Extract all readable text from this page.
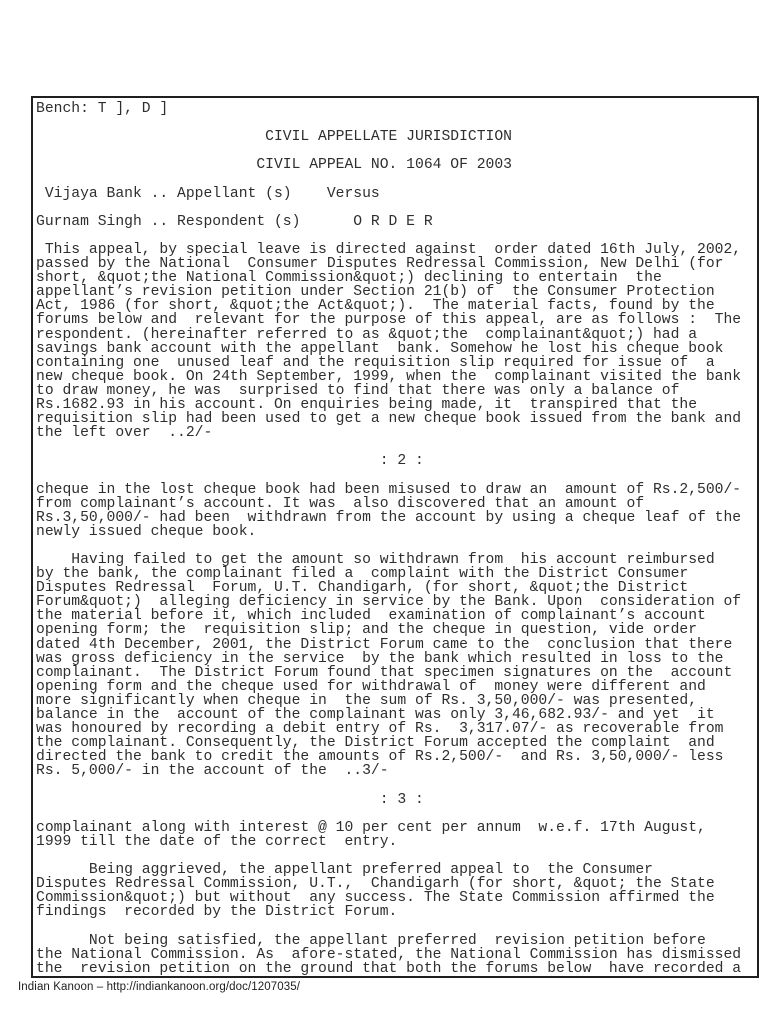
Bench: T ], D ]
CIVIL APPELLATE JURISDICTION
CIVIL APPEAL NO. 1064 OF 2003
Vijaya Bank .. Appellant (s)    Versus
Gurnam Singh .. Respondent (s)      O R D E R
This appeal, by special leave is directed against  order dated 16th July, 2002,
passed by the National  Consumer Disputes Redressal Commission, New Delhi (for
short, &quot;the National Commission&quot;) declining to entertain  the
appellant’s revision petition under Section 21(b) of  the Consumer Protection
Act, 1986 (for short, &quot;the Act&quot;).  The material facts, found by the
forums below and  relevant for the purpose of this appeal, are as follows :  The
respondent. (hereinafter referred to as &quot;the  complainant&quot;) had a
savings bank account with the appellant  bank. Somehow he lost his cheque book
containing one  unused leaf and the requisition slip required for issue of  a
new cheque book. On 24th September, 1999, when the  complainant visited the bank
to draw money, he was  surprised to find that there was only a balance of
Rs.1682.93 in his account. On enquiries being made, it  transpired that the
requisition slip had been used to get a new cheque book issued from the bank and
the left over  ..2/-
: 2 :
cheque in the lost cheque book had been misused to draw an  amount of Rs.2,500/-
from complainant’s account. It was  also discovered that an amount of
Rs.3,50,000/- had been  withdrawn from the account by using a cheque leaf of the
newly issued cheque book.
Having failed to get the amount so withdrawn from  his account reimbursed
by the bank, the complainant filed a  complaint with the District Consumer
Disputes Redressal  Forum, U.T. Chandigarh, (for short, &quot;the District
Forum&quot;)  alleging deficiency in service by the Bank. Upon  consideration of
the material before it, which included  examination of complainant’s account
opening form; the  requisition slip; and the cheque in question, vide order
dated 4th December, 2001, the District Forum came to the  conclusion that there
was gross deficiency in the service  by the bank which resulted in loss to the
complainant.  The District Forum found that specimen signatures on the  account
opening form and the cheque used for withdrawal of  money were different and
more significantly when cheque in  the sum of Rs. 3,50,000/- was presented,
balance in the  account of the complainant was only 3,46,682.93/- and yet  it
was honoured by recording a debit entry of Rs.  3,317.07/- as recoverable from
the complainant. Consequently, the District Forum accepted the complaint  and
directed the bank to credit the amounts of Rs.2,500/-  and Rs. 3,50,000/- less
Rs. 5,000/- in the account of the  ..3/-
: 3 :
complainant along with interest @ 10 per cent per annum  w.e.f. 17th August,
1999 till the date of the correct  entry.
Being aggrieved, the appellant preferred appeal to  the Consumer
Disputes Redressal Commission, U.T.,  Chandigarh (for short, &quot; the State
Commission&quot;) but without  any success. The State Commission affirmed the
findings  recorded by the District Forum.
Not being satisfied, the appellant preferred  revision petition before
the National Commission. As  afore-stated, the National Commission has dismissed
the  revision petition on the ground that both the forums below  have recorded a
Indian Kanoon – http://indiankanoon.org/doc/1207035/
